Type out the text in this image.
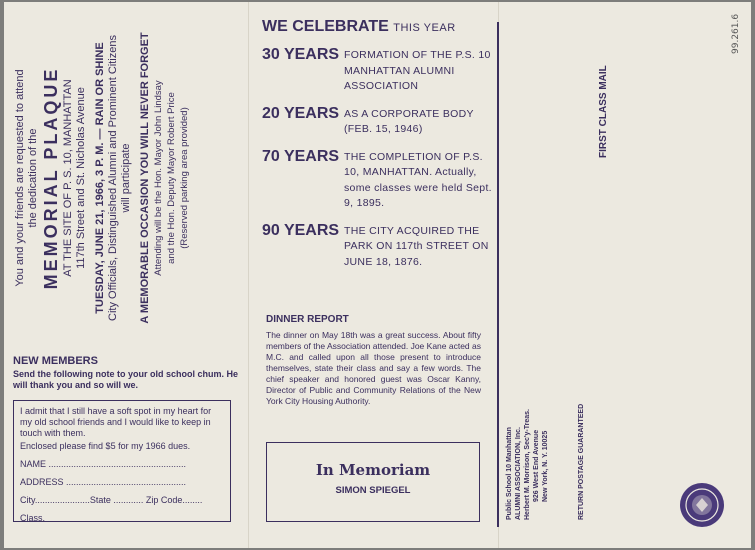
You and your friends are requested to attend the dedication of the MEMORIAL PLAQUE AT THE SITE OF P. S. 10, MANHATTAN 117th Street and St. Nicholas Avenue TUESDAY, JUNE 21, 1966, 3 P. M. — RAIN OR SHINE City Officials, Distinguished Alumni and Prominent Citizens will participate A MEMORABLE OCCASION YOU WILL NEVER FORGET Attending will be the Hon. Mayor John Lindsay and the Hon. Deputy Mayor Robert Price (Reserved parking area provided)
NEW MEMBERS
Send the following note to your old school chum. He will thank you and so will we.
I admit that I still have a soft spot in my heart for my old school friends and I would like to keep in touch with them.
Enclosed please find $5 for my 1966 dues.
NAME .......................................................
ADDRESS ................................................
City......................State ............ Zip Code........
Class.
WE CELEBRATE THIS YEAR
30 YEARS FORMATION OF THE P.S. 10 MANHATTAN ALUMNI ASSOCIATION
20 YEARS AS A CORPORATE BODY (FEB. 15, 1946)
70 YEARS THE COMPLETION OF P.S. 10, MANHATTAN. Actually, some classes were held Sept. 9, 1895.
90 YEARS THE CITY ACQUIRED THE PARK ON 117th STREET ON JUNE 18, 1876.
DINNER REPORT
The dinner on May 18th was a great success. About fifty members of the Association attended. Joe Kane acted as M.C. and called upon all those present to introduce themselves, state their class and say a few words. The chief speaker and honored guest was Oscar Kanny, Director of Public and Community Relations of the New York City Housing Authority.
In Memoriam
SIMON SPIEGEL
FIRST CLASS MAIL
Public School 10 Manhattan ALUMNI ASSOCIATION, Inc. Herbert M. Morrison, Sec'y-Treas. 926 West End Avenue New York, N. Y. 10025	RETURN POSTAGE GUARANTEED
99.261.6
